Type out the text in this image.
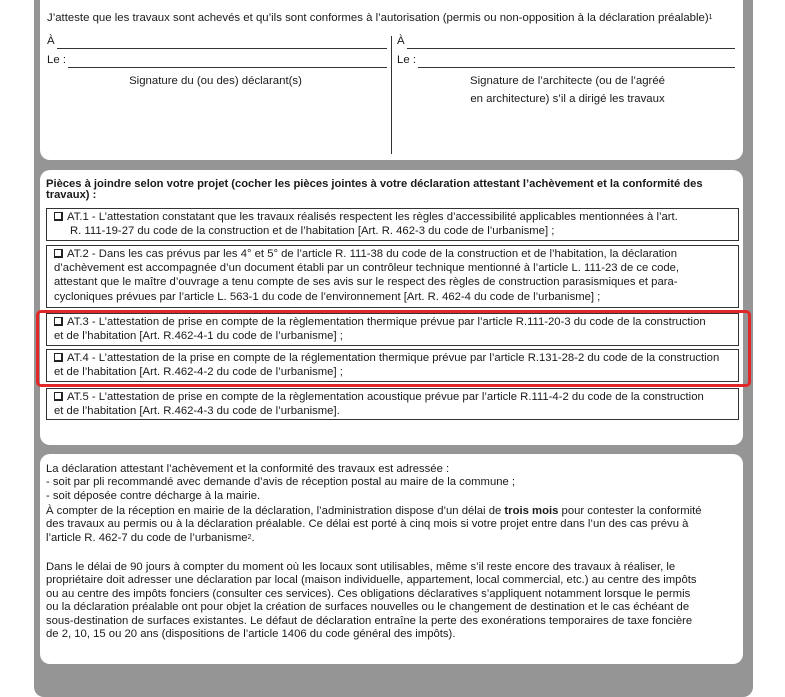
J’atteste que les travaux sont achevés et qu’ils sont conformes à l’autorisation (permis ou non-opposition à la déclaration préalable)$^1$
À
Le :
Signature du (ou des) déclarant(s)
À
Le :
Signature de l’architecte (ou de l’agréé
en architecture) s’il a dirigé les travaux
Pièces à joindre selon votre projet (cocher les pièces jointes à votre déclaration attestant l’achèvement et la conformité des travaux) :
AT.1 - L’attestation constatant que les travaux réalisés respectent les règles d’accessibilité applicables mentionnées à l’art.
R. 111-19-27 du code de la construction et de l’habitation [Art. R. 462-3 du code de l’urbanisme] ;
AT.2 - Dans les cas prévus par les 4° et 5° de l’article R. 111-38 du code de la construction et de l’habitation, la déclaration
d’achèvement est accompagnée d’un document établi par un contrôleur technique mentionné à l’article L. 111-23 de ce code,
attestant que le maître d’ouvrage a tenu compte de ses avis sur le respect des règles de construction parasismiques et para-
cycloniques prévues par l’article L. 563-1 du code de l’environnement [Art. R. 462-4 du code de l’urbanisme] ;
AT.3 - L’attestation de prise en compte de la règlementation thermique prévue par l’article R.111-20-3 du code de la construction
et de l’habitation [Art. R.462-4-1 du code de l’urbanisme] ;
AT.4 - L’attestation de la prise en compte de la réglementation thermique prévue par l’article R.131-28-2 du code de la construction
et de l’habitation [Art. R.462-4-2 du code de l’urbanisme] ;
AT.5 - L’attestation de prise en compte de la règlementation acoustique prévue par l’article R.111-4-2 du code de la construction
et de l’habitation [Art. R.462-4-3 du code de l’urbanisme].
La déclaration attestant l’achèvement et la conformité des travaux est adressée :
- soit par pli recommandé avec demande d’avis de réception postal au maire de la commune ;
- soit déposée contre décharge à la mairie.
À compter de la réception en mairie de la déclaration, l’administration dispose d’un délai de trois mois pour contester la conformité
des travaux au permis ou à la déclaration préalable. Ce délai est porté à cinq mois si votre projet entre dans l’un des cas prévu à
l’article R. 462-7 du code de l’urbanisme$^2$.
Dans le délai de 90 jours à compter du moment où les locaux sont utilisables, même s’il reste encore des travaux à réaliser, le
propriétaire doit adresser une déclaration par local (maison individuelle, appartement, local commercial, etc.) au centre des impôts
ou au centre des impôts fonciers (consulter ces services). Ces obligations déclaratives s’appliquent notamment lorsque le permis
ou la déclaration préalable ont pour objet la création de surfaces nouvelles ou le changement de destination et le cas échéant de
sous-destination de surfaces existantes. Le défaut de déclaration entraîne la perte des exonérations temporaires de taxe foncière
de 2, 10, 15 ou 20 ans (dispositions de l’article 1406 du code général des impôts).
